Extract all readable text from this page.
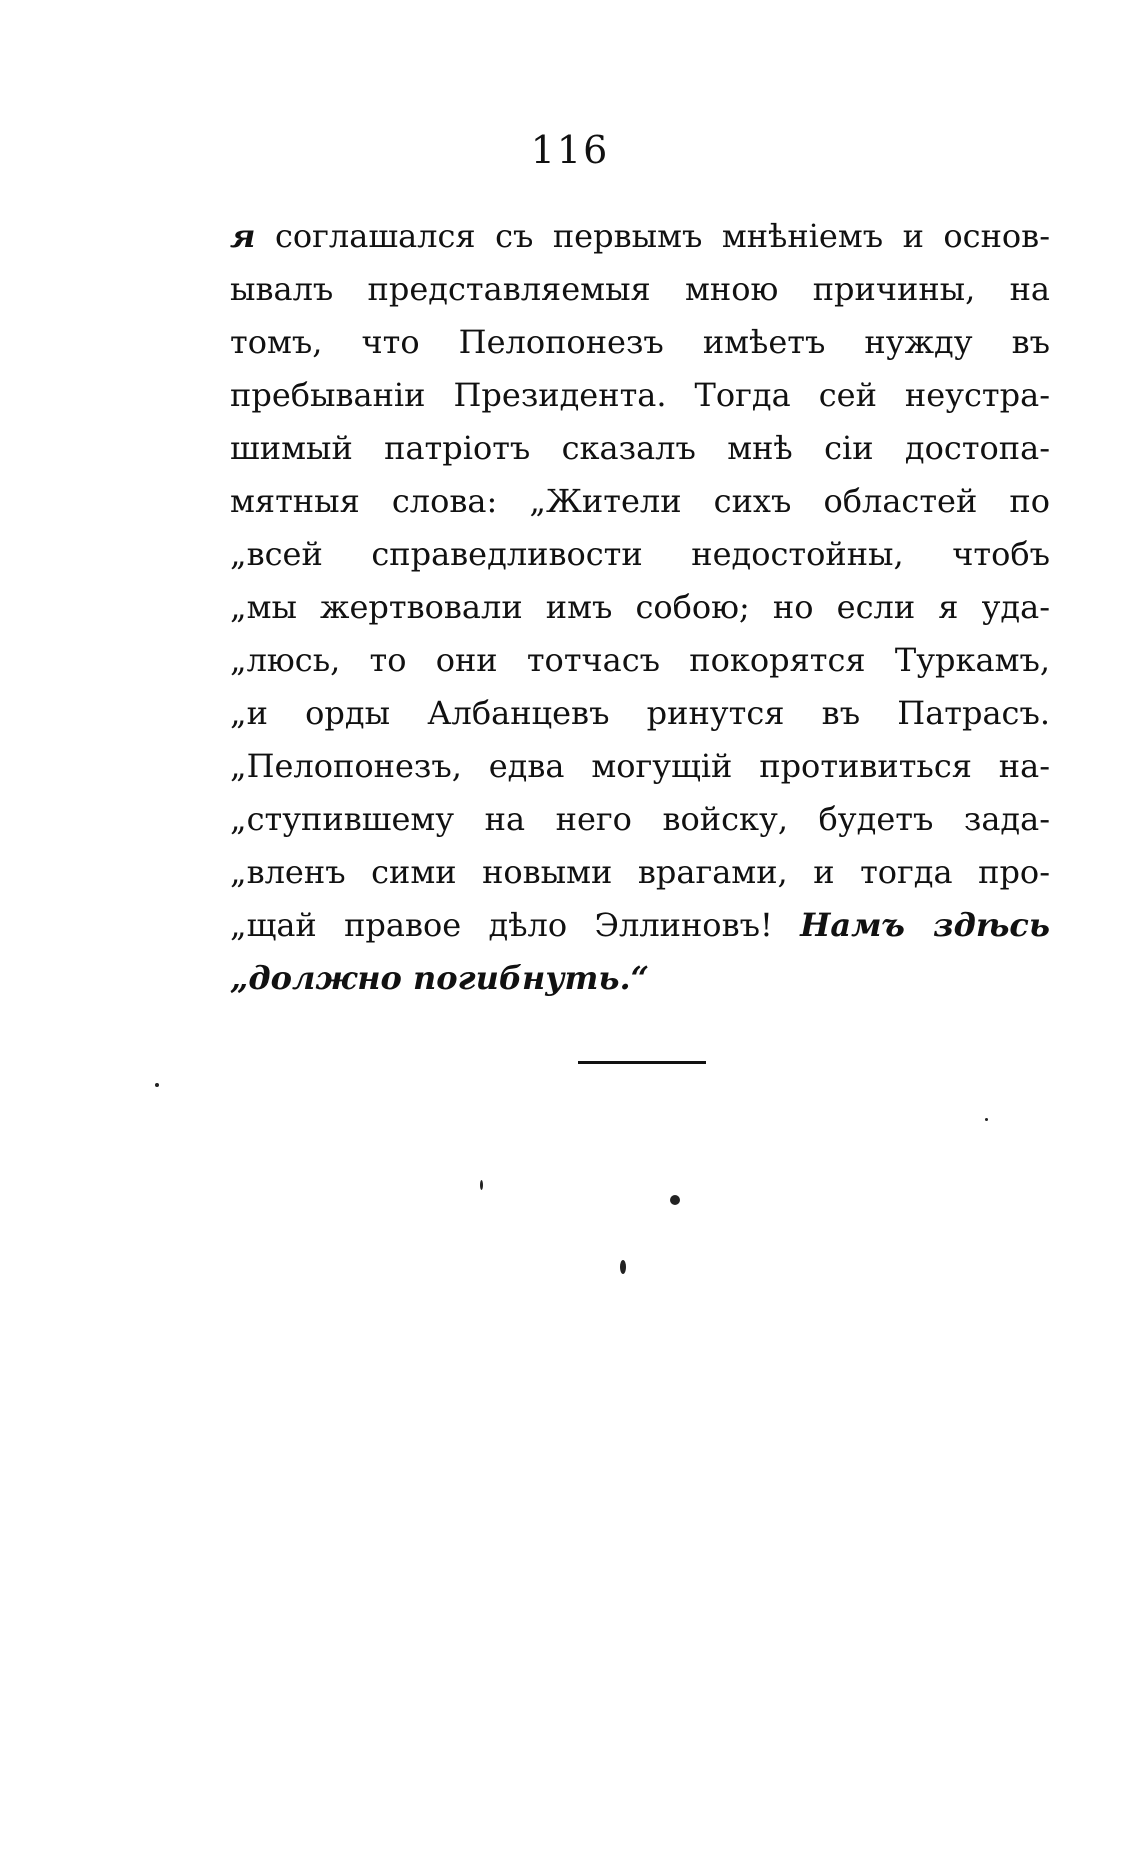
116
я соглашался съ первымъ мнѣніемъ и основ-
ывалъ представляемыя мною причины, на
томъ, что Пелопонезъ имѣетъ нужду въ
пребываніи Президента. Тогда сей неустра-
шимый патріотъ сказалъ мнѣ сіи достопа-
мятныя слова: „Жители сихъ областей по
„всей справедливости недостойны, чтобъ
„мы жертвовали имъ собою; но если я уда-
„люсь, то они тотчасъ покорятся Туркамъ,
„и орды Албанцевъ ринутся въ Патрасъ.
„Пелопонезъ, едва могущій противиться на-
„ступившему на него войску, будетъ зада-
„вленъ сими новыми врагами, и тогда про-
„щай правое дѣло Эллиновъ! Намъ здѣсь
„должно погибнуть.“
